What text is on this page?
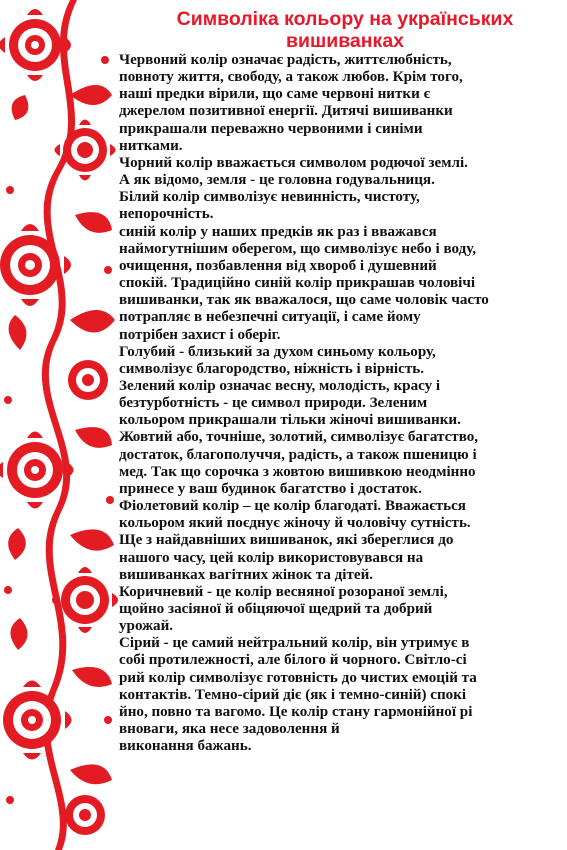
Символіка кольору на українських
вишиванках
Червоний колір означає радість, життєлюбність,
повноту життя, свободу, а також любов. Крім того,
наші предки вірили, що саме червоні нитки є
джерелом позитивної енергії. Дитячі вишиванки
прикрашали переважно червоними і синіми
нитками.
Чорний колір вважається символом родючої землі.
А як відомо, земля - це головна годувальниця.
Білий колір символізує невинність, чистоту,
непорочність.
синій колір у наших предків як раз і вважався
наймогутнішим оберегом, що символізує небо і воду,
очищення, позбавлення від хвороб і душевний
спокій. Традиційно синій колір прикрашав чоловічі
вишиванки, так як вважалося, що саме чоловік часто
потрапляє в небезпечні ситуації, і саме йому
потрібен захист і оберіг.
Голубий - близький за духом синьому кольору,
символізує благородство, ніжність і вірність.
Зелений колір означає весну, молодість, красу і
безтурботність - це символ природи. Зеленим
кольором прикрашали тільки жіночі вишиванки.
Жовтий або, точніше, золотий, символізує багатство,
достаток, благополуччя, радість, а також пшеницю і
мед. Так що сорочка з жовтою вишивкою неодмінно
принесе у ваш будинок багатство і достаток.
Фіолетовий колір – це колір благодаті. Вважається
кольором який поєднує жіночу й чоловічу сутність.
Ще з найдавніших вишиванок, які збереглися до
нашого часу, цей колір використовувався на
вишиванках вагітних жінок та дітей.
Коричневий - це колір весняної розораної землі,
щойно засіяної й обіцяючої щедрий та добрий
урожай.
Сірий - це самий нейтральний колір, він утримує в
собі протилежності, але білого й чорного. Світло-сі
рий колір символізує готовність до чистих емоцій та
контактів. Темно-сірий діє (як і темно-синій) спокі
йно, повно та вагомо. Це колір стану гармонійної рі
вноваги, яка несе задоволення й
виконання бажань.
